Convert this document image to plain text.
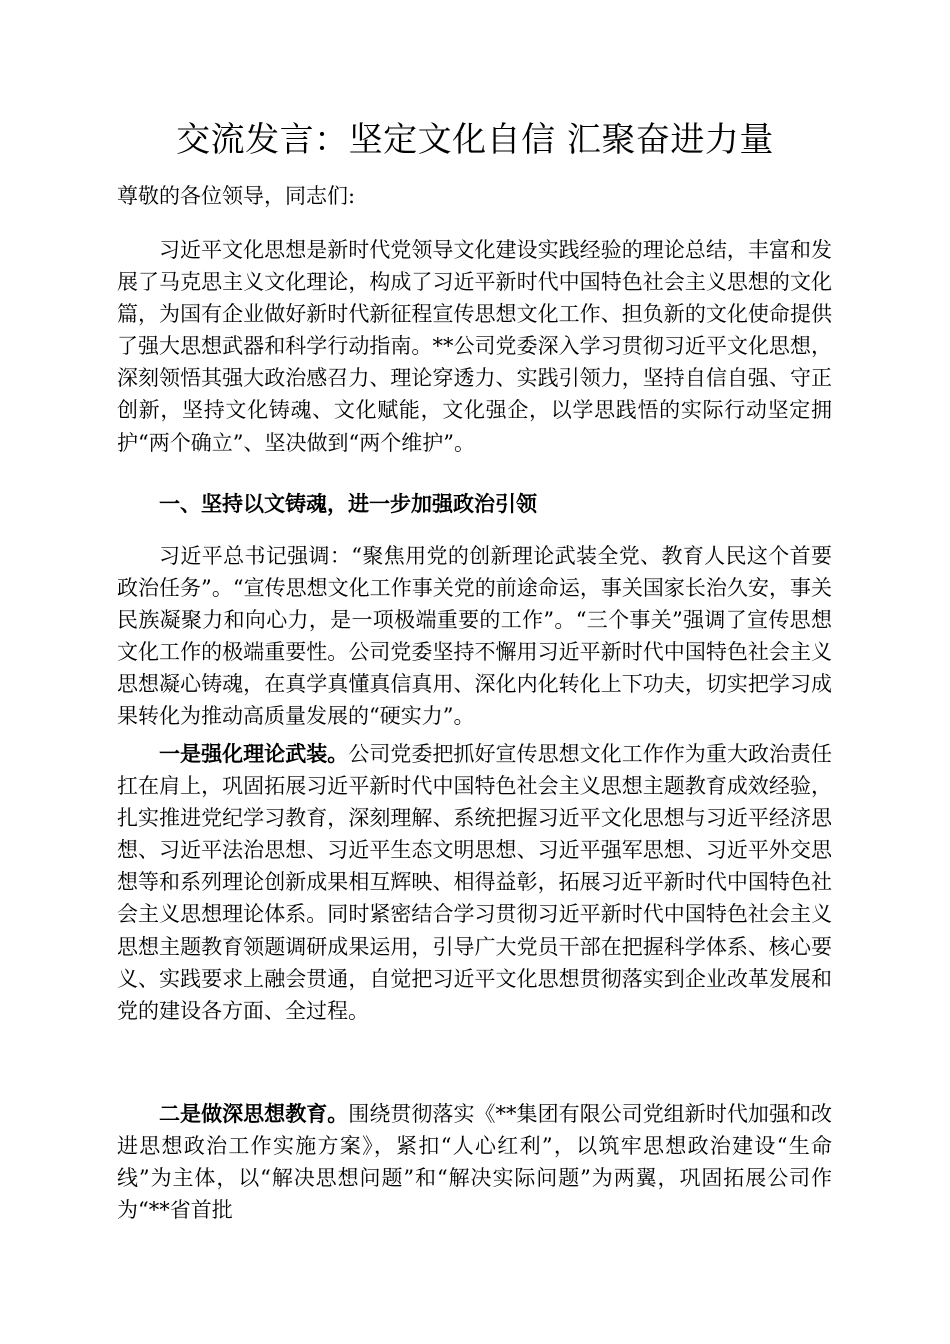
交流发言：坚定文化自信 汇聚奋进力量

尊敬的各位领导，同志们:

习近平文化思想是新时代党领导文化建设实践经验的理论总结，丰富和发展了马克思主义文化理论，构成了习近平新时代中国特色社会主义思想的文化篇，为国有企业做好新时代新征程宣传思想文化工作、担负新的文化使命提供了强大思想武器和科学行动指南。**公司党委深入学习贯彻习近平文化思想，深刻领悟其强大政治感召力、理论穿透力、实践引领力，坚持自信自强、守正创新，坚持文化铸魂、文化赋能，文化强企，以学思践悟的实际行动坚定拥护“两个确立”、坚决做到“两个维护”。

一、坚持以文铸魂，进一步加强政治引领

习近平总书记强调：“聚焦用党的创新理论武装全党、教育人民这个首要政治任务”。“宣传思想文化工作事关党的前途命运，事关国家长治久安，事关民族凝聚力和向心力，是一项极端重要的工作”。“三个事关”强调了宣传思想文化工作的极端重要性。公司党委坚持不懈用习近平新时代中国特色社会主义思想凝心铸魂，在真学真懂真信真用、深化内化转化上下功夫，切实把学习成果转化为推动高质量发展的“硬实力”。

一是强化理论武装。公司党委把抓好宣传思想文化工作作为重大政治责任扛在肩上，巩固拓展习近平新时代中国特色社会主义思想主题教育成效经验，扎实推进党纪学习教育，深刻理解、系统把握习近平文化思想与习近平经济思想、习近平法治思想、习近平生态文明思想、习近平强军思想、习近平外交思想等和系列理论创新成果相互辉映、相得益彰，拓展习近平新时代中国特色社会主义思想理论体系。同时紧密结合学习贯彻习近平新时代中国特色社会主义思想主题教育领题调研成果运用，引导广大党员干部在把握科学体系、核心要义、实践要求上融会贯通，自觉把习近平文化思想贯彻落实到企业改革发展和党的建设各方面、全过程。

二是做深思想教育。围绕贯彻落实《**集团有限公司党组新时代加强和改进思想政治工作实施方案》，紧扣“人心红利”，以筑牢思想政治建设“生命线”为主体，以“解决思想问题”和“解决实际问题”为两翼，巩固拓展公司作为“**省首批
